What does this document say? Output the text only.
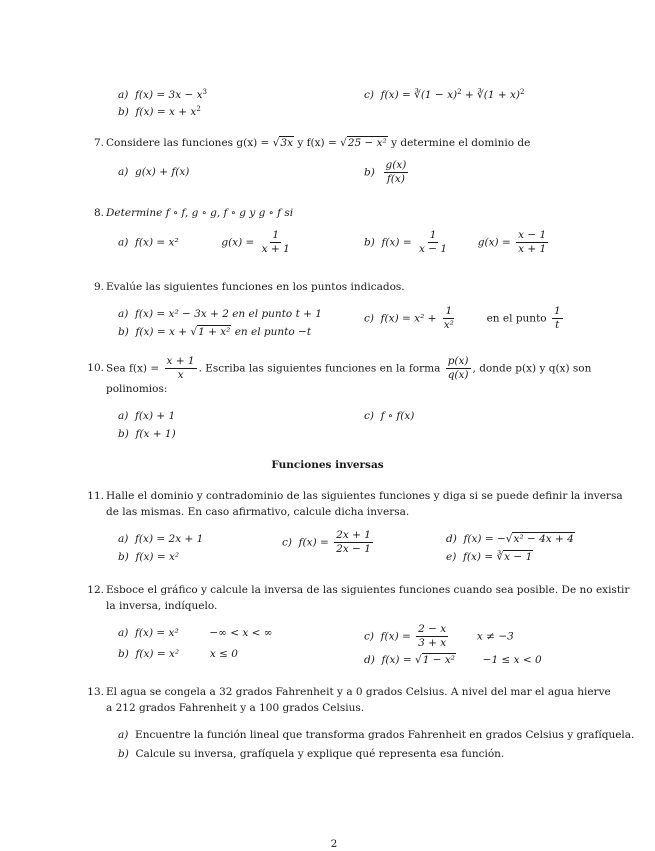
a) $f(x) = 3x - x^3$
b) $f(x) = x + x^2$
c) f(x) = ∛(1 − x)$^2$ + ∛(1 + x)$^2$
7. Considere las funciones g(x) = √3x y f(x) = √25 − x² y determine el dominio de
a) g(x) + f(x)	$b) \frac{g(x)}{f(x)}$
8. Determine f ∘ f, g ∘ g, f ∘ g y g ∘ f si
a) f(x) = x²	$g(x) = \frac{1}{x + 1}$	b) $f(x) = \frac{1}{x - 1}$	$g(x) = \frac{x - 1}{x + 1}$
9. Evalúe las siguientes funciones en los puntos indicados.
a) f(x) = x² − 3x + 2 en el punto t + 1
b) f(x) = x + √1 + x² en el punto −t
c) $f(x) = x^2 + \frac{1}{\text{x²}}$	en el punto $\frac{1}{t}$
10. Sea $f(x) = \frac{x + 1}{x}$ . Escriba las siguientes funciones en la forma $\frac{p(x)}{q(x)}$ , donde p(x) y q(x) son
polinomios:
a) f(x) + 1
b) f(x + 1)
c) f ∘ f(x)
Funciones inversas
11. Halle el dominio y contradominio de las siguientes funciones y diga si se puede definir la inversa
de las mismas. En caso afirmativo, calcule dicha inversa.
a) f(x) = 2x + 1
b) f(x) = x²
c) $f(x) = \frac{2x + 1}{2x - 1}$	d) f(x) = −√x² − 4x + 4
e) f(x) = ∛x − 1
12. Esboce el gráfico y calcule la inversa de las siguientes funciones cuando sea posible. De no existir
la inversa, indíquelo.
a) f(x) = x²	−∞ < x < ∞
b) f(x) = x²	x ≤ 0
c) $f(x) = \frac{2 - x}{3 + x}$	x ≠ −3
d) f(x) = √1 − x²	−1 ≤ x < 0
13. El agua se congela a 32 grados Fahrenheit y a 0 grados Celsius. A nivel del mar el agua hierve
a 212 grados Fahrenheit y a 100 grados Celsius.
a) Encuentre la función lineal que transforma grados Fahrenheit en grados Celsius y grafíquela.
b) Calcule su inversa, grafíquela y explique qué representa esa función.
2
